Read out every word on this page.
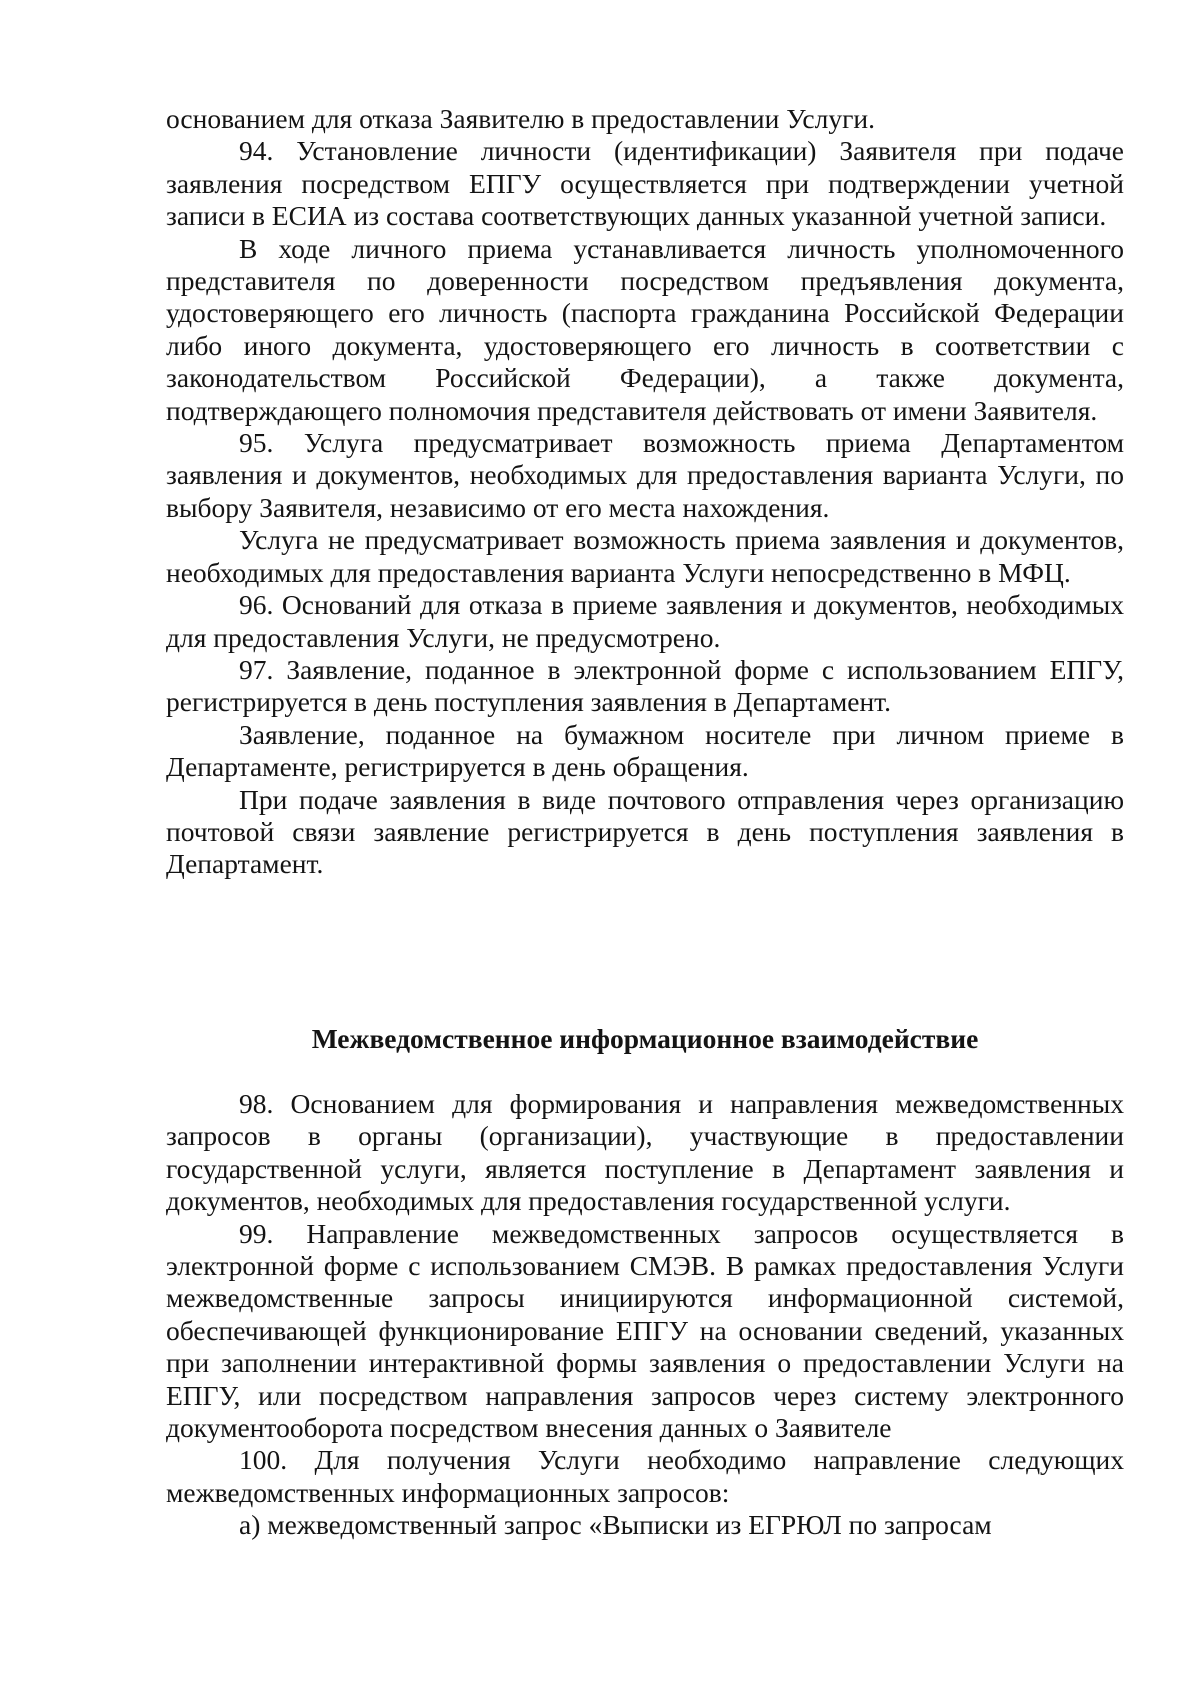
основанием для отказа Заявителю в предоставлении Услуги.

94. Установление личности (идентификации) Заявителя при подаче заявления посредством ЕПГУ осуществляется при подтверждении учетной записи в ЕСИА из состава соответствующих данных указанной учетной записи.

В ходе личного приема устанавливается личность уполномоченного представителя по доверенности посредством предъявления документа, удостоверяющего его личность (паспорта гражданина Российской Федерации либо иного документа, удостоверяющего его личность в соответствии с законодательством Российской Федерации), а также документа, подтверждающего полномочия представителя действовать от имени Заявителя.

95. Услуга предусматривает возможность приема Департаментом заявления и документов, необходимых для предоставления варианта Услуги, по выбору Заявителя, независимо от его места нахождения.

Услуга не предусматривает возможность приема заявления и документов, необходимых для предоставления варианта Услуги непосредственно в МФЦ.

96. Оснований для отказа в приеме заявления и документов, необходимых для предоставления Услуги, не предусмотрено.

97. Заявление, поданное в электронной форме с использованием ЕПГУ, регистрируется в день поступления заявления в Департамент.

Заявление, поданное на бумажном носителе при личном приеме в Департаменте, регистрируется в день обращения.

При подаче заявления в виде почтового отправления через организацию почтовой связи заявление регистрируется в день поступления заявления в Департамент.

Межведомственное информационное взаимодействие

98. Основанием для формирования и направления межведомственных запросов в органы (организации), участвующие в предоставлении государственной услуги, является поступление в Департамент заявления и документов, необходимых для предоставления государственной услуги.

99. Направление межведомственных запросов осуществляется в электронной форме с использованием СМЭВ. В рамках предоставления Услуги межведомственные запросы инициируются информационной системой, обеспечивающей функционирование ЕПГУ на основании сведений, указанных при заполнении интерактивной формы заявления о предоставлении Услуги на ЕПГУ, или посредством направления запросов через систему электронного документооборота посредством внесения данных о Заявителе

100. Для получения Услуги необходимо направление следующих межведомственных информационных запросов:

а) межведомственный запрос «Выписки из ЕГРЮЛ по запросам
